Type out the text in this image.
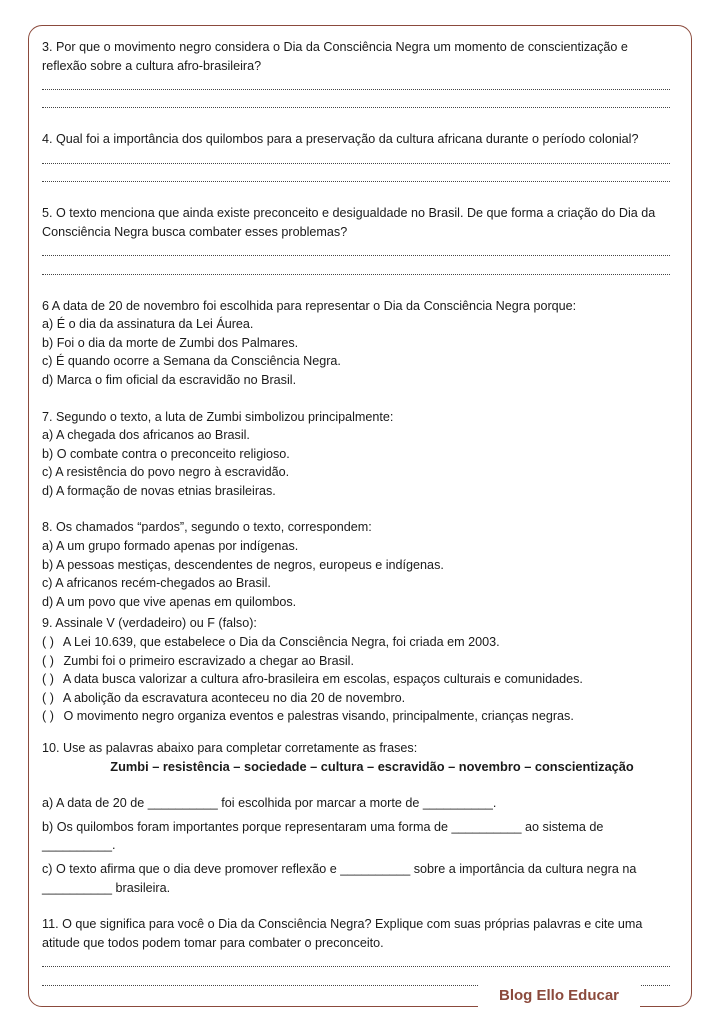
3. Por que o movimento negro considera o Dia da Consciência Negra um momento de conscientização e reflexão sobre a cultura afro-brasileira?

4. Qual foi a importância dos quilombos para a preservação da cultura africana durante o período colonial?

5. O texto menciona que ainda existe preconceito e desigualdade no Brasil. De que forma a criação do Dia da Consciência Negra busca combater esses problemas?

6 A data de 20 de novembro foi escolhida para representar o Dia da Consciência Negra porque:

a) É o dia da assinatura da Lei Áurea.

b) Foi o dia da morte de Zumbi dos Palmares.

c) É quando ocorre a Semana da Consciência Negra.

d) Marca o fim oficial da escravidão no Brasil.

7. Segundo o texto, a luta de Zumbi simbolizou principalmente:

a) A chegada dos africanos ao Brasil.

b) O combate contra o preconceito religioso.

c) A resistência do povo negro à escravidão.

d) A formação de novas etnias brasileiras.

8. Os chamados “pardos”, segundo o texto, correspondem:

a) A um grupo formado apenas por indígenas.

b) A pessoas mestiças, descendentes de negros, europeus e indígenas.

c) A africanos recém-chegados ao Brasil.

d) A um povo que vive apenas em quilombos.

9. Assinale V (verdadeiro) ou F (falso):

( ) A Lei 10.639, que estabelece o Dia da Consciência Negra, foi criada em 2003.

( ) Zumbi foi o primeiro escravizado a chegar ao Brasil.

( ) A data busca valorizar a cultura afro-brasileira em escolas, espaços culturais e comunidades.

( ) A abolição da escravatura aconteceu no dia 20 de novembro.

( ) O movimento negro organiza eventos e palestras visando, principalmente, crianças negras.

10. Use as palavras abaixo para completar corretamente as frases:

Zumbi – resistência – sociedade – cultura – escravidão – novembro – conscientização

a) A data de 20 de __________ foi escolhida por marcar a morte de __________.

b) Os quilombos foram importantes porque representaram uma forma de __________ ao sistema de __________.

c) O texto afirma que o dia deve promover reflexão e __________ sobre a importância da cultura negra na __________ brasileira.

11. O que significa para você o Dia da Consciência Negra? Explique com suas próprias palavras e cite uma atitude que todos podem tomar para combater o preconceito.

Blog Ello Educar
